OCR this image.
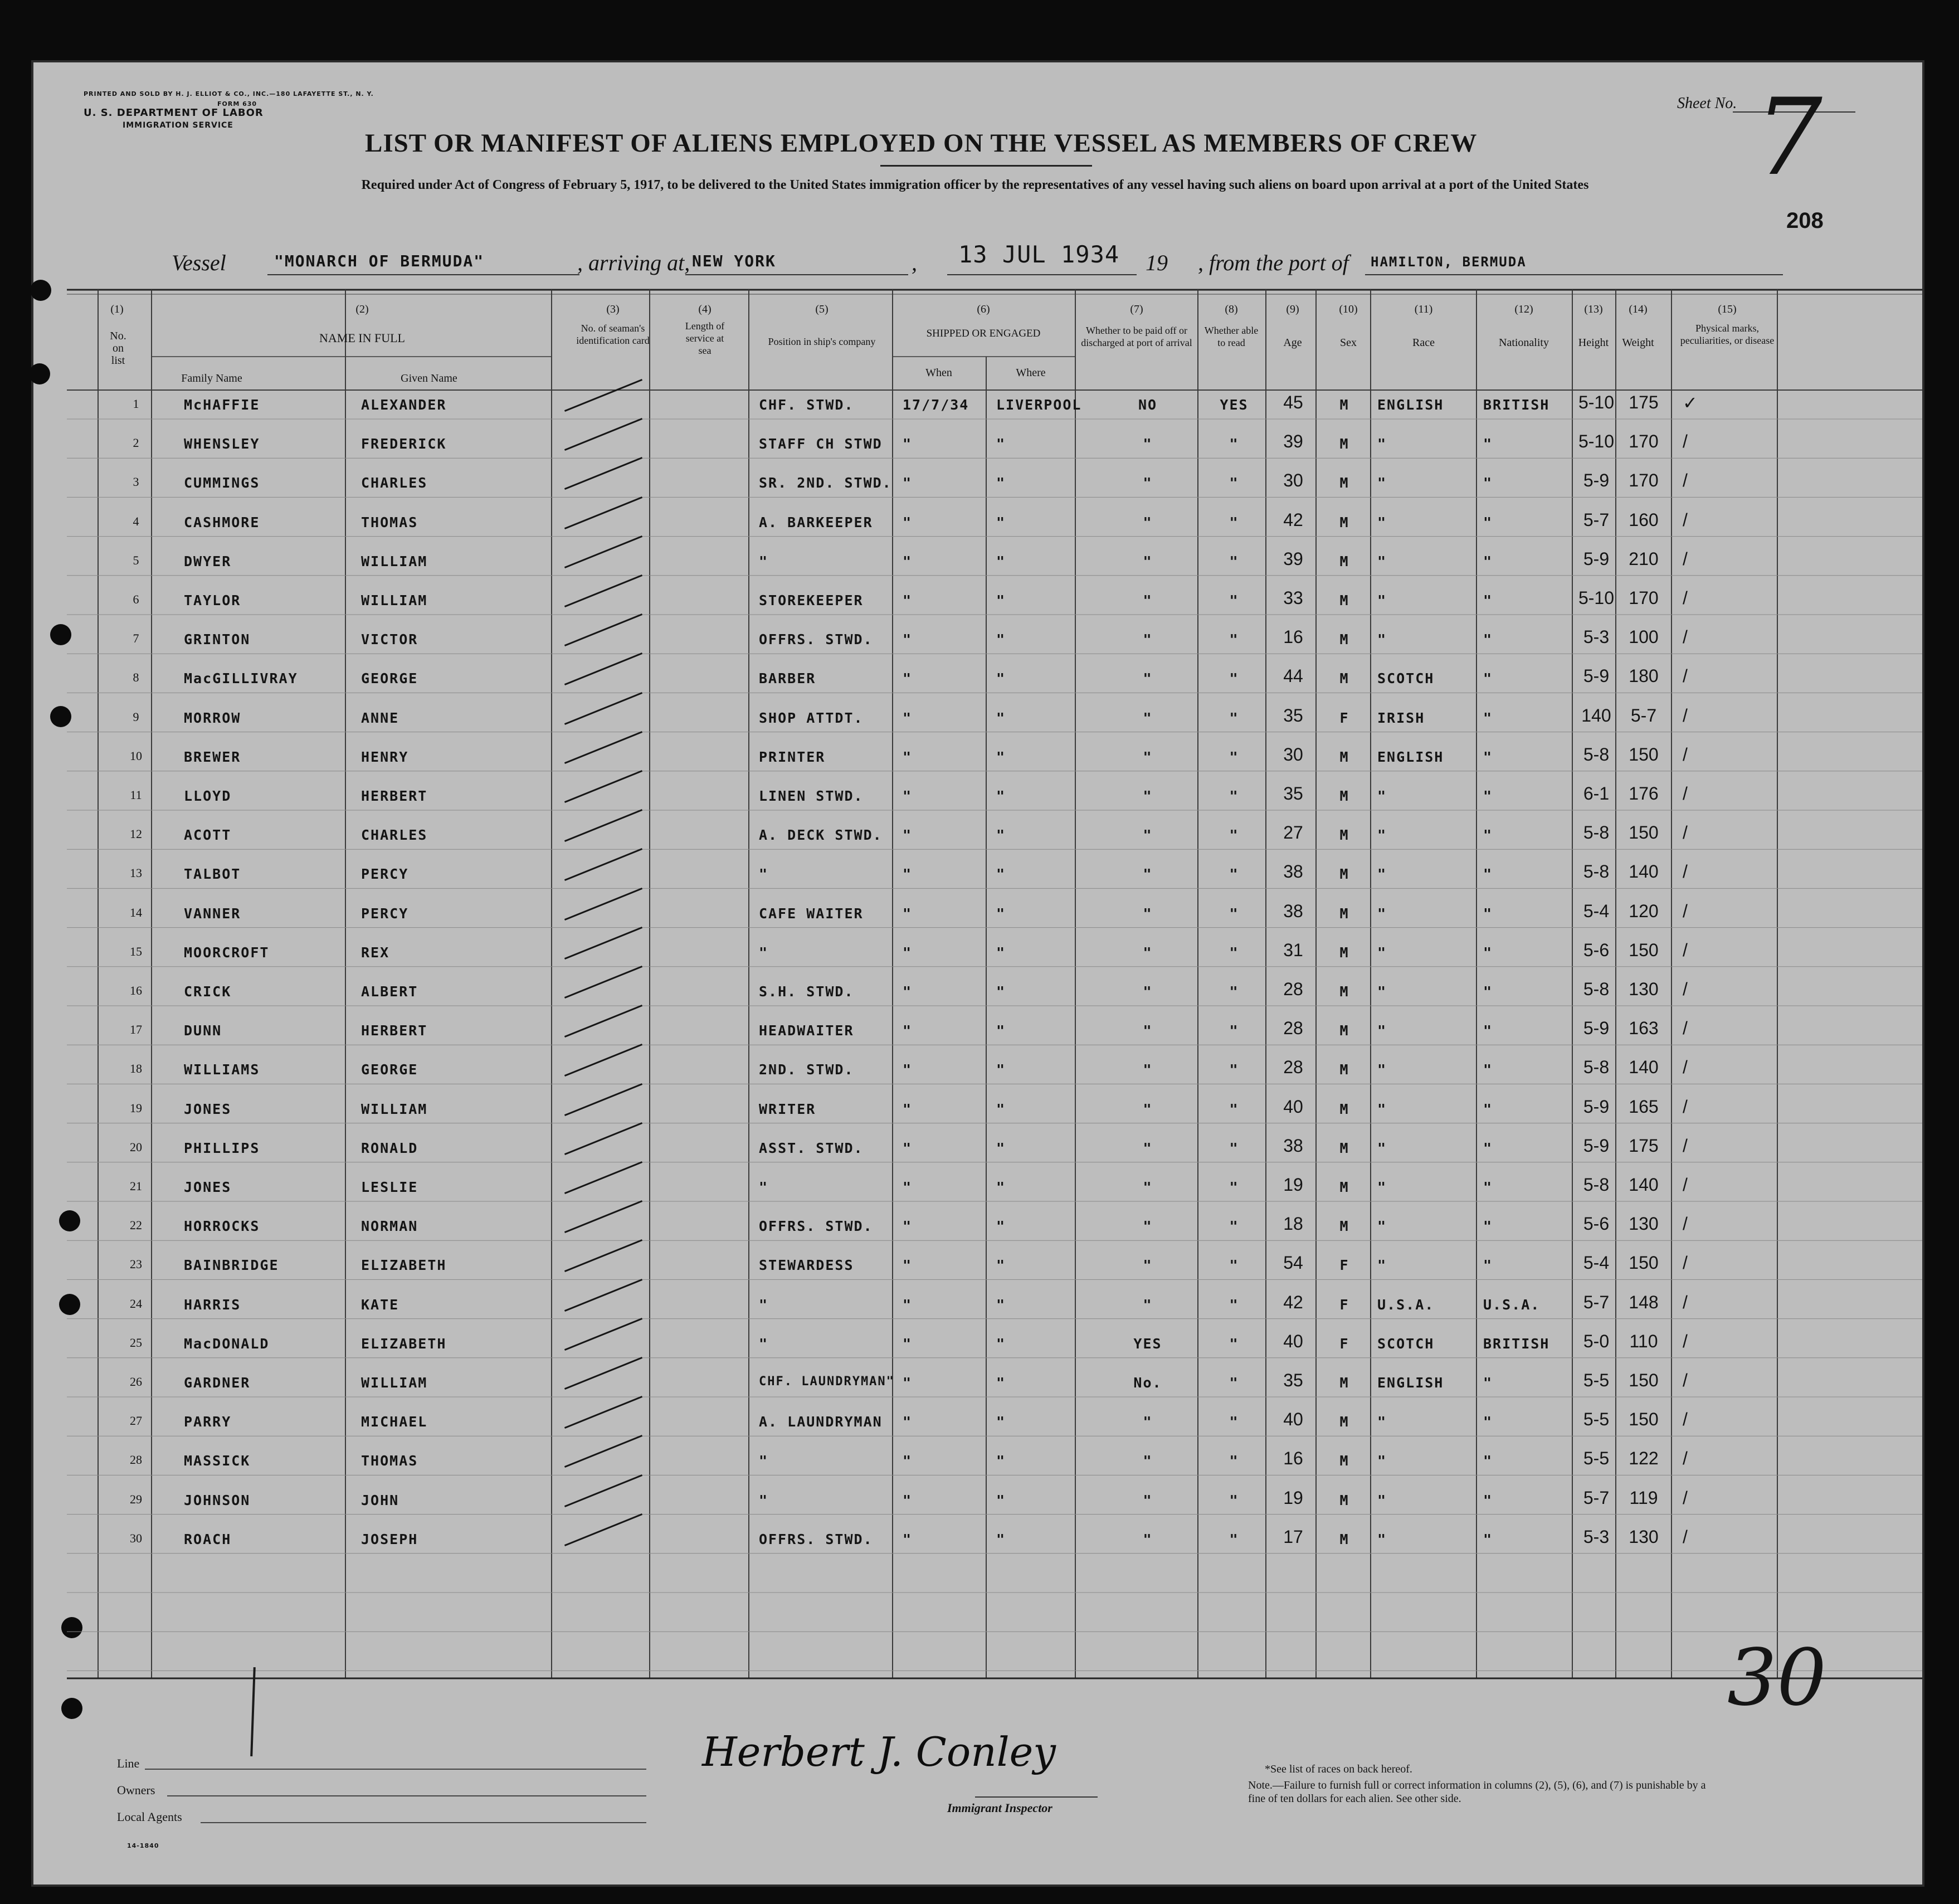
PRINTED AND SOLD BY H. J. ELLIOT & CO., INC.—180 LAFAYETTE ST., N. Y.
FORM 630
U. S. DEPARTMENT OF LABOR
IMMIGRATION SERVICE
Sheet No. 7
208
LIST OR MANIFEST OF ALIENS EMPLOYED ON THE VESSEL AS MEMBERS OF CREW
Required under Act of Congress of February 5, 1917, to be delivered to the United States immigration officer by the representatives of any vessel having such aliens on board upon arrival at a port of the United States
Vessel	"MONARCH OF BERMUDA"	, arriving at, NEW YORK	, 13 JUL 1934 19 , from the port of HAMILTON, BERMUDA
(1)
No. on list
(2)
NAME IN FULL
Family Name	Given Name
(3)
No. of seaman's identification card
(4)
Length of service at sea
(5)
Position in ship's company
(6)
SHIPPED OR ENGAGED
When	Where
(7)
Whether to be paid off or discharged at port of arrival
(8)
Whether able to read
(9)
Age
(10)
Sex
(11)
Race
(12)
Nationality
(13)
Height
(14)
Weight
(15)
Physical marks, peculiarities, or disease
1	McHAFFIE	ALEXANDER	CHF. STWD.	17/7/34	LIVERPOOL	NO	YES	45	M	ENGLISH	BRITISH	5-10 175	✓
2	WHENSLEY	FREDERICK	STAFF CH STWD	"	"	"	"	39	M	"	"	5-10 170	/
3	CUMMINGS	CHARLES	SR. 2ND. STWD. "	"	"	"	30	M	"	"	5-9	170	/
4	CASHMORE	THOMAS	A. BARKEEPER	"	"	"	"	42	M	"	"	5-7	160	/
5	DWYER	WILLIAM	"	"	"	"	"	39	M	"	"	5-9	210	/
6	TAYLOR	WILLIAM	STOREKEEPER	"	"	"	"	33	M	"	"	5-10 170	/
7	GRINTON	VICTOR	OFFRS. STWD.	"	"	"	"	16	M	"	"	5-3	100	/
8	MacGILLIVRAY	GEORGE	BARBER	"	"	"	"	44	M	SCOTCH	"	5-9	180	/
9	MORROW	ANNE	SHOP ATTDT.	"	"	"	"	35	F	IRISH	"	140	5-7	/
10	BREWER	HENRY	PRINTER	"	"	"	"	30	M	ENGLISH	"	5-8	150	/
11	LLOYD	HERBERT	LINEN STWD.	"	"	"	"	35	M	"	"	6-1	176	/
12	ACOTT	CHARLES	A. DECK STWD.	"	"	"	"	27	M	"	"	5-8	150	/
13	TALBOT	PERCY	"	"	"	"	"	38	M	"	"	5-8	140	/
14	VANNER	PERCY	CAFE WAITER	"	"	"	"	38	M	"	"	5-4	120	/
15	MOORCROFT	REX	"	"	"	"	"	31	M	"	"	5-6	150	/
16	CRICK	ALBERT	S.H. STWD.	"	"	"	"	28	M	"	"	5-8	130	/
17	DUNN	HERBERT	HEADWAITER	"	"	"	"	28	M	"	"	5-9	163	/
18	WILLIAMS	GEORGE	2ND. STWD.	"	"	"	"	28	M	"	"	5-8	140	/
19	JONES	WILLIAM	WRITER	"	"	"	"	40	M	"	"	5-9	165	/
20	PHILLIPS	RONALD	ASST. STWD.	"	"	"	"	38	M	"	"	5-9	175	/
21	JONES	LESLIE	"	"	"	"	"	19	M	"	"	5-8	140	/
22	HORROCKS	NORMAN	OFFRS. STWD.	"	"	"	"	18	M	"	"	5-6	130	/
23	BAINBRIDGE	ELIZABETH	STEWARDESS	"	"	"	"	54	F	"	"	5-4	150	/
24	HARRIS	KATE	"	"	"	"	"	42	F	U.S.A.	U.S.A.	5-7	148	/
25	MacDONALD	ELIZABETH	"	"	"	YES	"	40	F	SCOTCH	BRITISH	5-0	110	/
26	GARDNER	WILLIAM	CHF. LAUNDRYMAN" "	"	No.	"	35	M	ENGLISH	"	5-5	150	/
27	PARRY	MICHAEL	A. LAUNDRYMAN	"	"	"	"	40	M	"	"	5-5	150	/
28	MASSICK	THOMAS	"	"	"	"	"	16	M	"	"	5-5	122	/
29	JOHNSON	JOHN	"	"	"	"	"	19	M	"	"	5-7	119	/
30	ROACH	JOSEPH	OFFRS. STWD.	"	"	"	"	17	M	"	"	5-3	130	/
30
Line
Owners
Local Agents
14-1840
Herbert J. Conley
Immigrant Inspector
*See list of races on back hereof.
Note.—Failure to furnish full or correct information in columns (2), (5), (6), and (7) is punishable by a fine of ten dollars for each alien. See other side.
